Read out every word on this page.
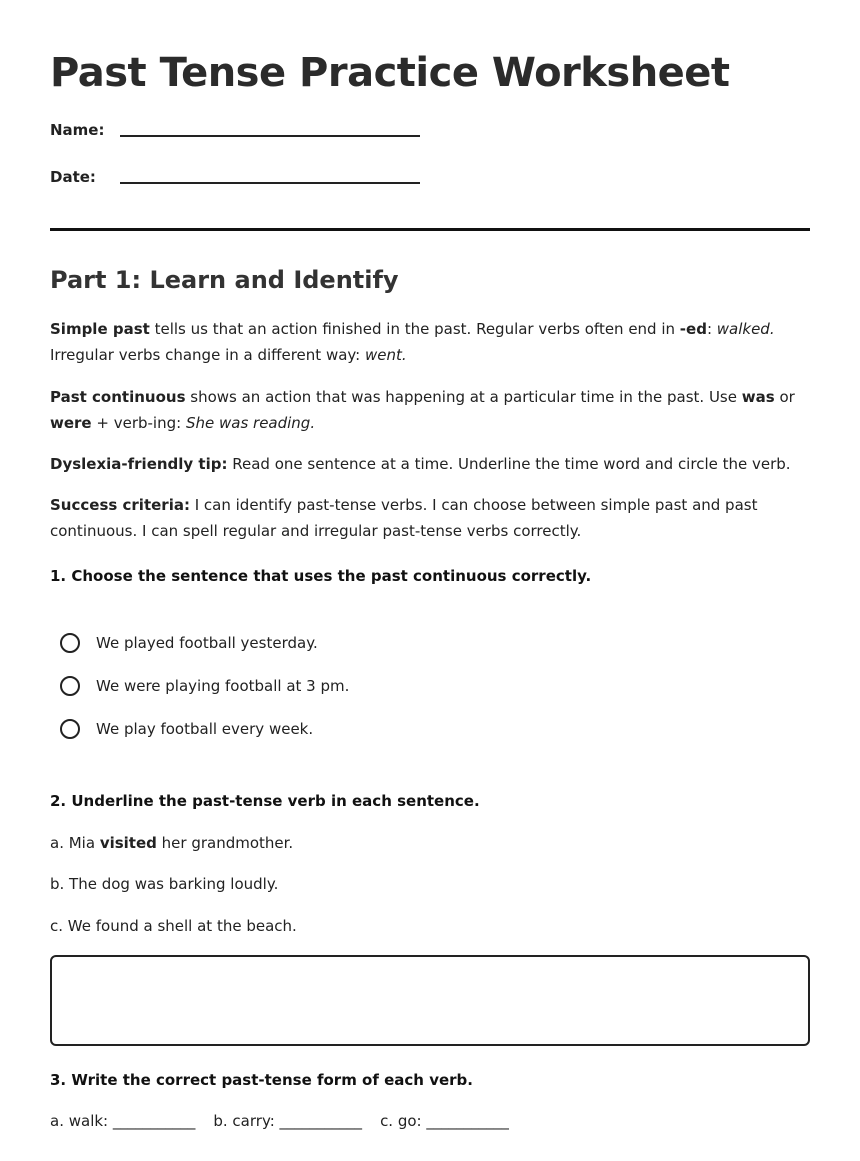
Past Tense Practice Worksheet
Name:
Date:
Part 1: Learn and Identify
Simple past tells us that an action finished in the past. Regular verbs often end in -ed: walked. Irregular verbs change in a different way: went.
Past continuous shows an action that was happening at a particular time in the past. Use was or were + verb-ing: She was reading.
Dyslexia-friendly tip: Read one sentence at a time. Underline the time word and circle the verb.
Success criteria: I can identify past-tense verbs. I can choose between simple past and past continuous. I can spell regular and irregular past-tense verbs correctly.
1. Choose the sentence that uses the past continuous correctly.
We played football yesterday.
We were playing football at 3 pm.
We play football every week.
2. Underline the past-tense verb in each sentence.
a. Mia visited her grandmother.
b. The dog was barking loudly.
c. We found a shell at the beach.
3. Write the correct past-tense form of each verb.
a. walk: ___________ b. carry: ___________ c. go: ___________
